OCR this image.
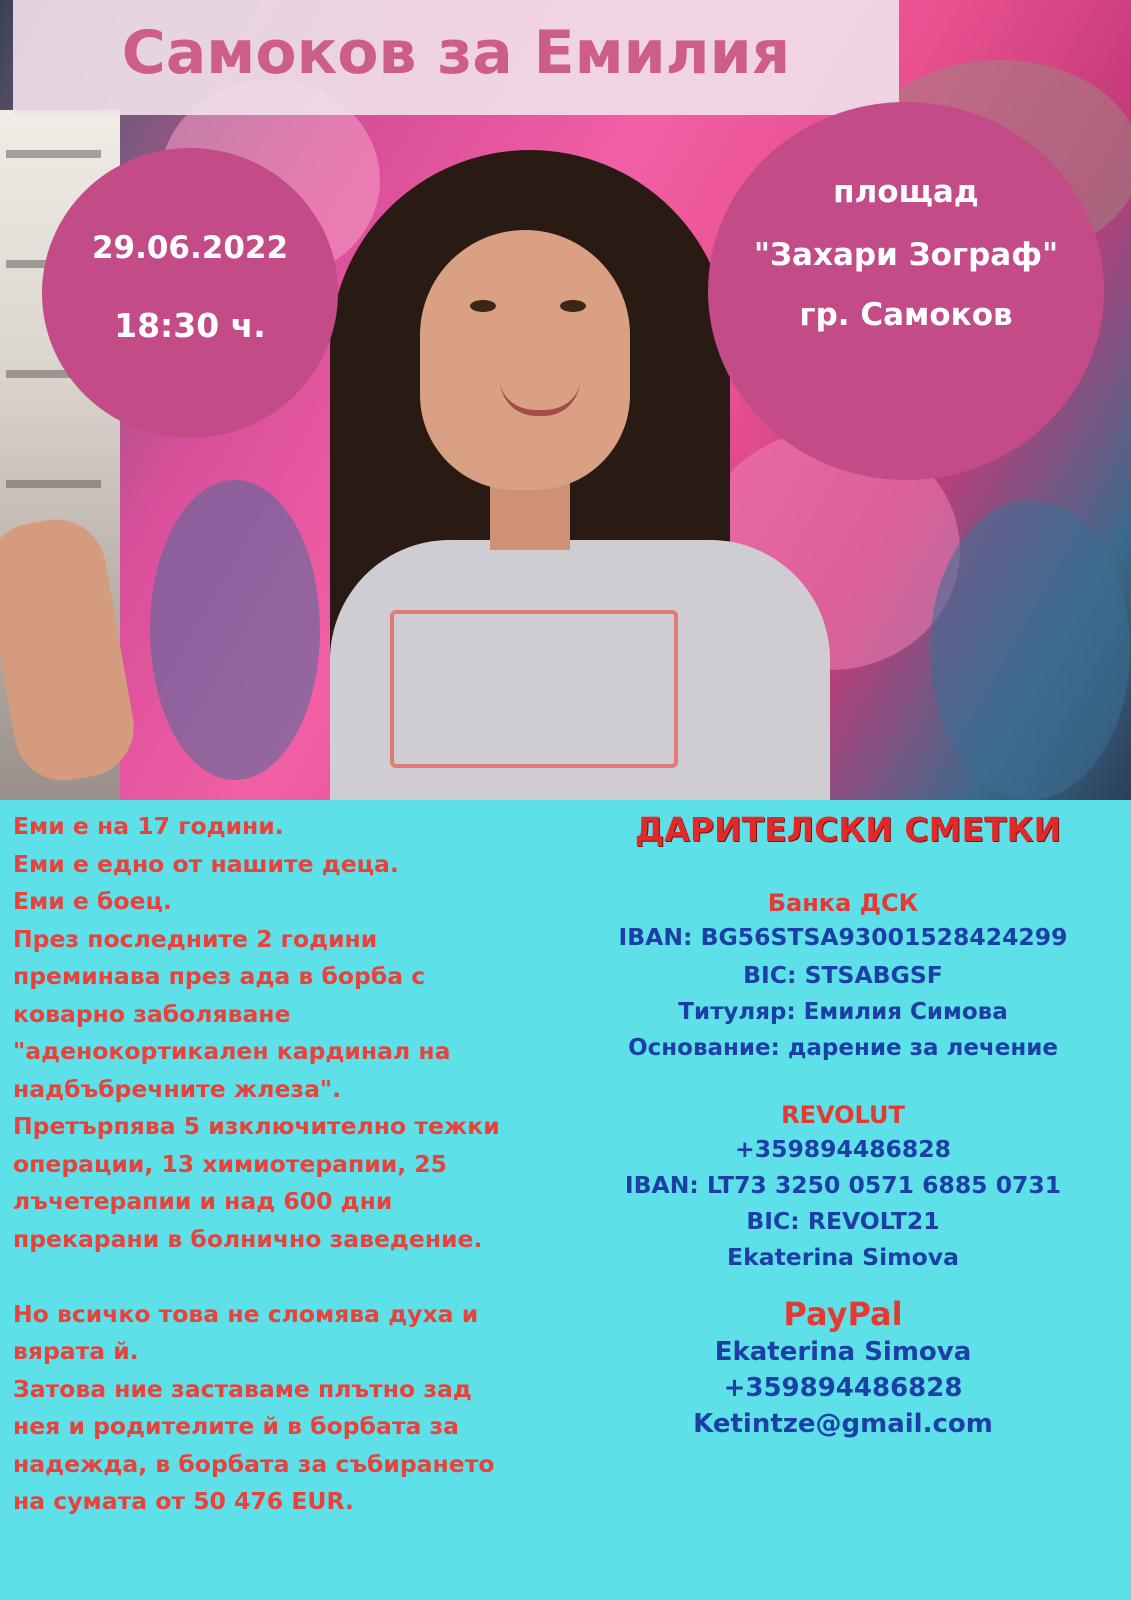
Самоков за Емилия
29.06.2022
18:30 ч.
площад
"Захари Зограф"
гр. Самоков
Еми е на 17 години.
Еми е едно от нашите деца.
Еми е боец.
През последните 2 години
преминава през ада в борба с
коварно заболяване
"аденокортикален кардинал на
надбъбречните жлеза".
Претърпява 5 изключително тежки
операции, 13 химиотерапии, 25
лъчетерапии и над 600 дни
прекарани в болнично заведение.
Но всичко това не сломява духа и
вярата й.
Затова ние заставаме плътно зад
нея и родителите й в борбата за
надежда, в борбата за събирането
на сумата от 50 476 EUR.
ДАРИТЕЛСКИ СМЕТКИ
Банка ДСК
IBAN: BG56STSA93001528424299
BIC: STSABGSF
Титуляр: Емилия Симова
Основание: дарение за лечение
REVOLUT
+359894486828
IBAN: LT73 3250 0571 6885 0731
BIC: REVOLT21
Ekaterina Simova
PayPal
Ekaterina Simova
+359894486828
Ketintze@gmail.com
